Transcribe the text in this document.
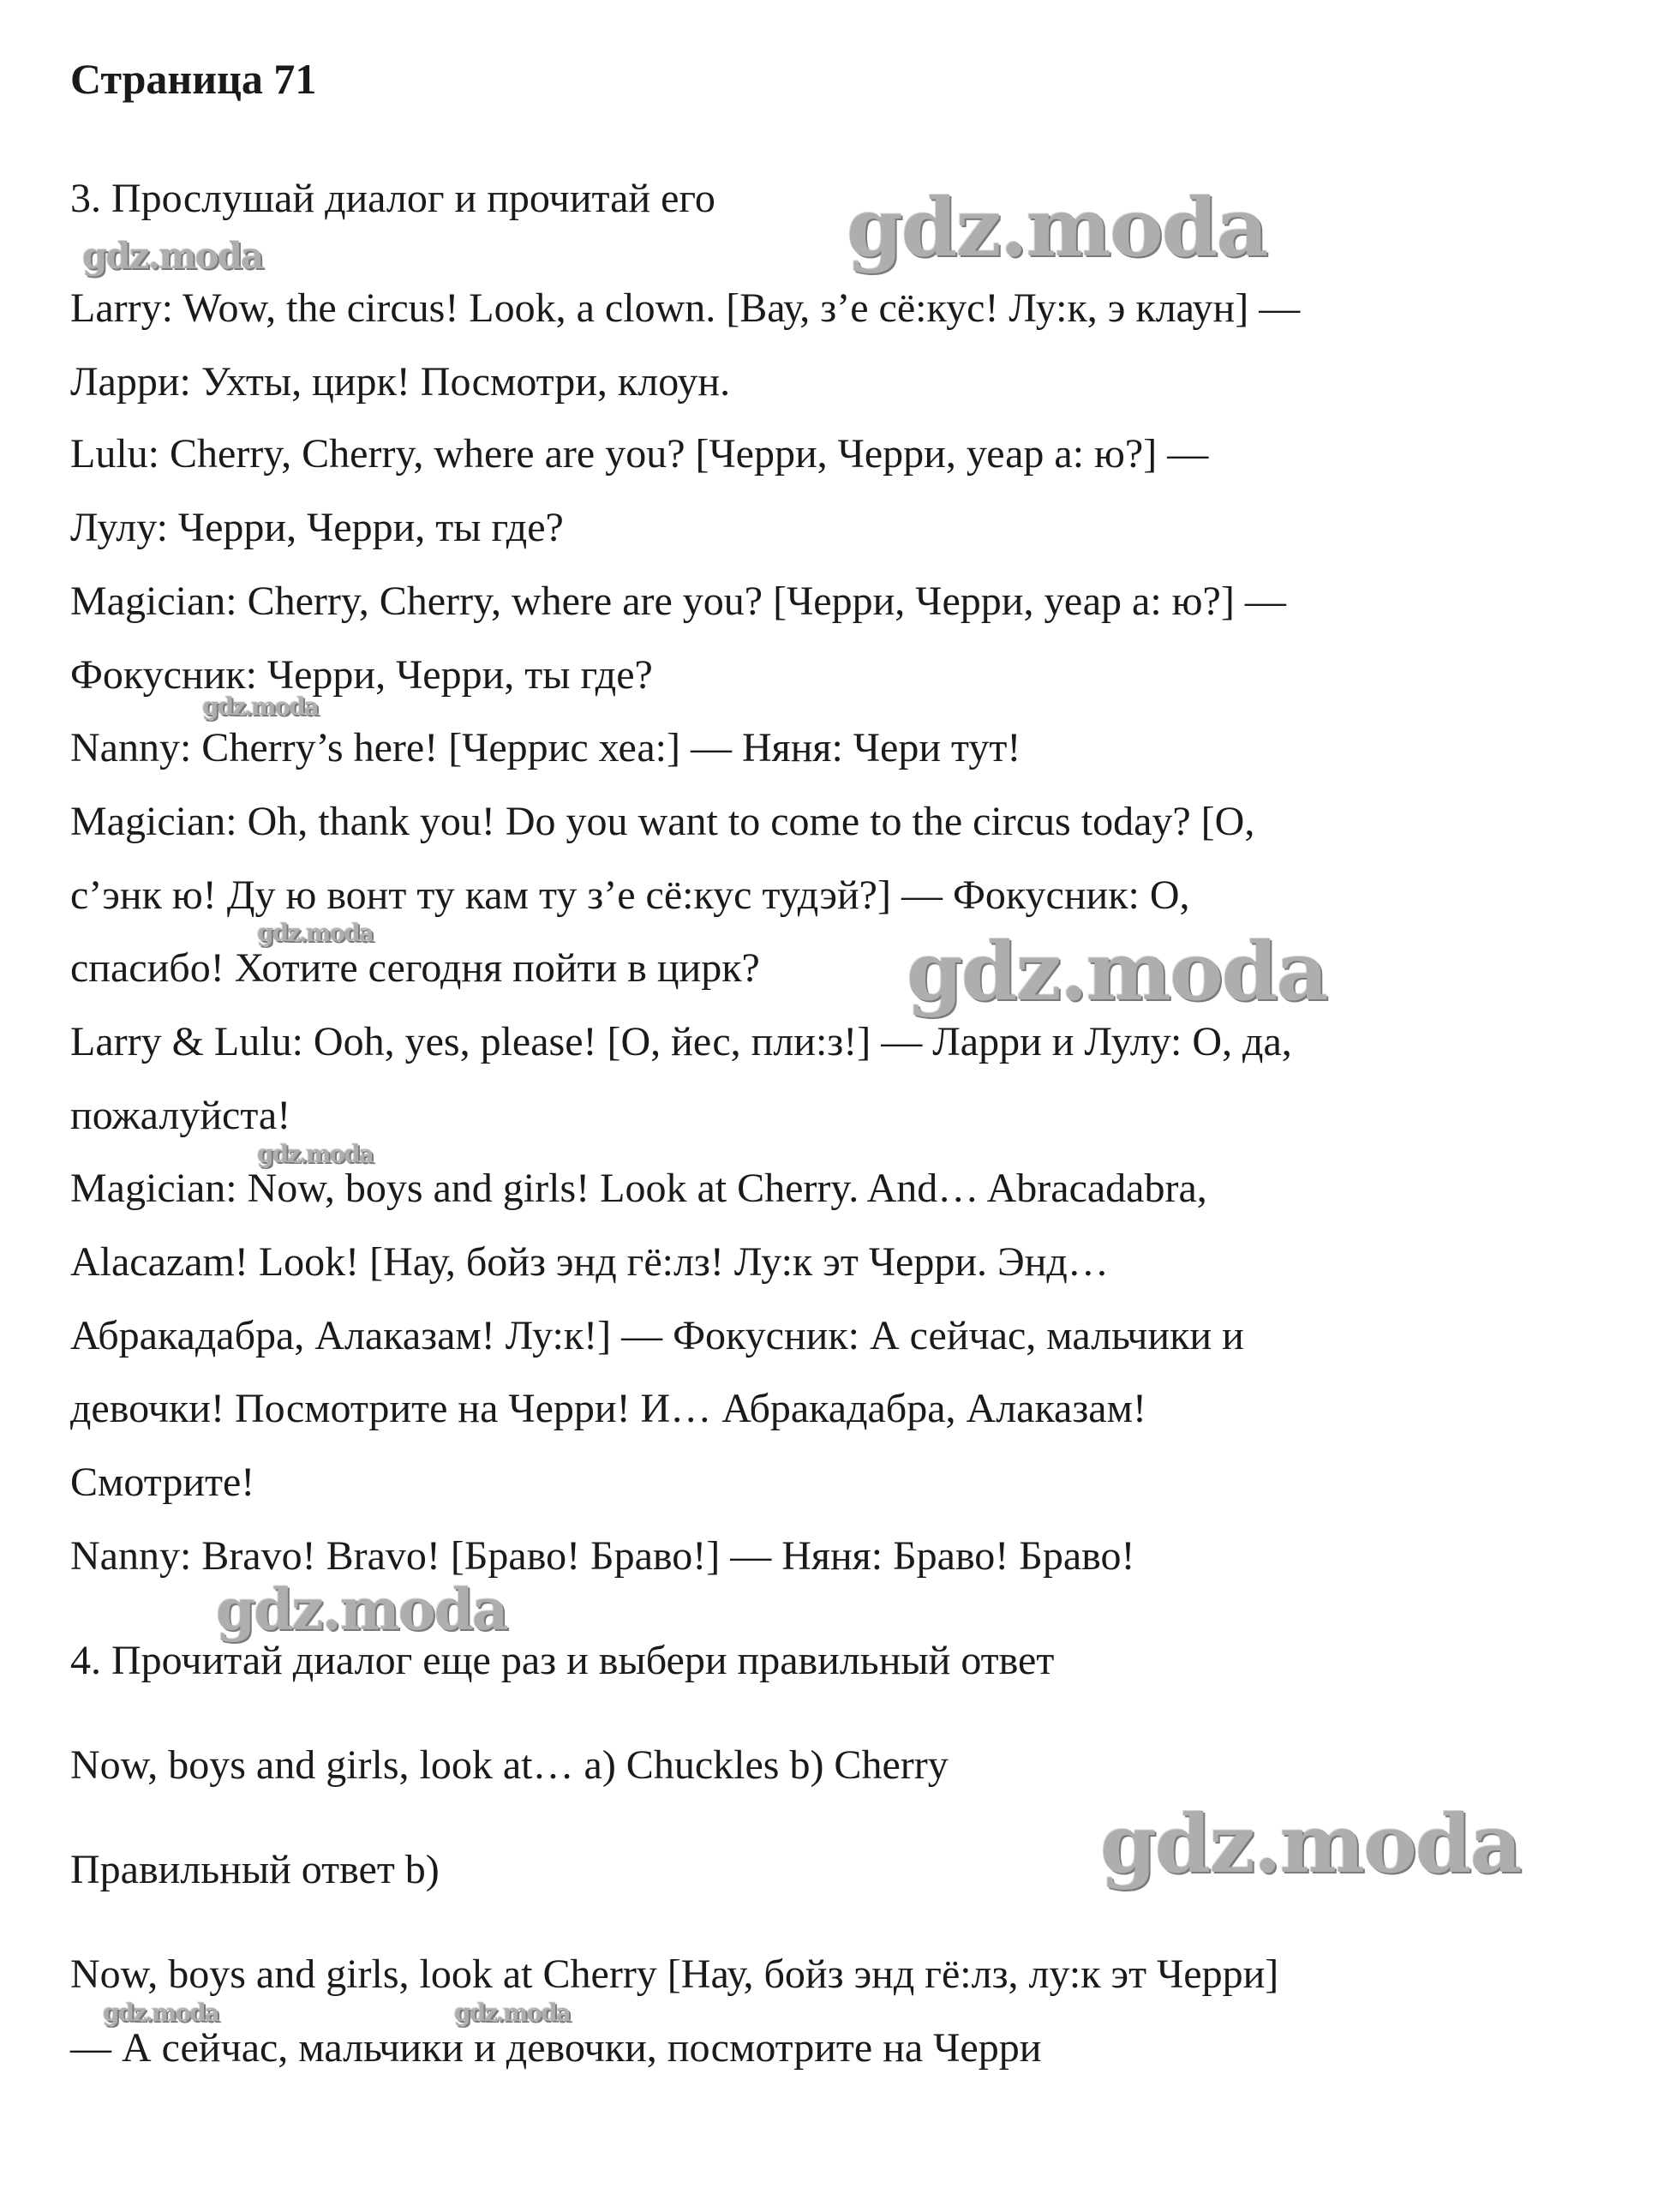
Страница 71

3. Прослушай диалог и прочитай его

Larry: Wow, the circus! Look, a clown. [Вау, з’е сё:кус! Лу:к, э клаун] —

Ларри: Ухты, цирк! Посмотри, клоун.

Lulu: Cherry, Cherry, where are you? [Черри, Черри, уеар а: ю?] —

Лулу: Черри, Черри, ты где?

Magician: Cherry, Cherry, where are you? [Черри, Черри, уеар а: ю?] —

Фокусник: Черри, Черри, ты где?

Nanny: Cherry’s here! [Черрис хеа:] — Няня: Чери тут!

Magician: Oh, thank you! Do you want to come to the circus today? [О,

с’энк ю! Ду ю вонт ту кам ту з’е сё:кус тудэй?] — Фокусник: О,

спасибо! Хотите сегодня пойти в цирк?

Larry & Lulu: Ooh, yes, please! [О, йес, пли:з!] — Ларри и Лулу: О, да,

пожалуйста!

Magician: Now, boys and girls! Look at Cherry. And… Abracadabra,

Alacazam! Look! [Нау, бойз энд гё:лз! Лу:к эт Черри. Энд…

Абракадабра, Алаказам! Лу:к!] — Фокусник: А сейчас, мальчики и

девочки! Посмотрите на Черри! И… Абракадабра, Алаказам!

Смотрите!

Nanny: Bravo! Bravo! [Браво! Браво!] — Няня: Браво! Браво!

4. Прочитай диалог еще раз и выбери правильный ответ

Now, boys and girls, look at… a) Chuckles b) Cherry

Правильный ответ b)

Now, boys and girls, look at Cherry [Нау, бойз энд гё:лз, лу:к эт Черри]

— А сейчас, мальчики и девочки, посмотрите на Черри

gdz.moda
gdz.moda
gdz.moda
gdz.moda	gdz.moda
gdz.moda
gdz.moda
gdz.moda
gdz.moda	gdz.moda
